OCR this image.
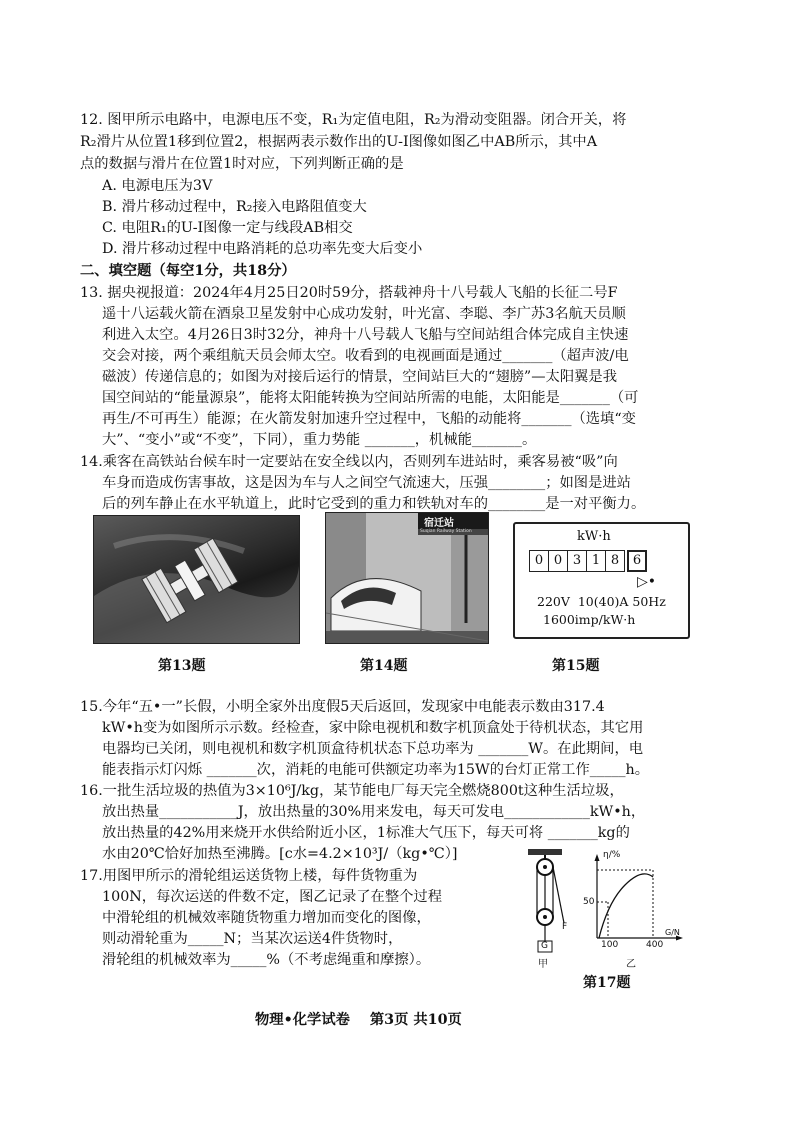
12. 图甲所示电路中，电源电压不变，R₁为定值电阻，R₂为滑动变阻器。闭合开关，将
R₂滑片从位置1移到位置2，根据两表示数作出的U-I图像如图乙中AB所示，其中A
点的数据与滑片在位置1时对应，下列判断正确的是
A. 电源电压为3V
B. 滑片移动过程中，R₂接入电路阻值变大
C. 电阻R₁的U-I图像一定与线段AB相交
D. 滑片移动过程中电路消耗的总功率先变大后变小
二、填空题（每空1分，共18分）
13. 据央视报道：2024年4月25日20时59分，搭载神舟十八号载人飞船的长征二号F
遥十八运载火箭在酒泉卫星发射中心成功发射，叶光富、李聪、李广苏3名航天员顺
利进入太空。4月26日3时32分，神舟十八号载人飞船与空间站组合体完成自主快速
交会对接，两个乘组航天员会师太空。收看到的电视画面是通过_______（超声波/电
磁波）传递信息的；如图为对接后运行的情景，空间站巨大的“翅膀”—太阳翼是我
国空间站的“能量源泉”，能将太阳能转换为空间站所需的电能，太阳能是_______（可
再生/不可再生）能源；在火箭发射加速升空过程中，飞船的动能将_______（选填“变
大”、“变小”或“不变”，下同），重力势能 _______，机械能_______。
14.乘客在高铁站台候车时一定要站在安全线以内，否则列车进站时，乘客易被“吸”向
车身而造成伤害事故，这是因为车与人之间空气流速大，压强________；如图是进站
后的列车静止在水平轨道上，此时它受到的重力和铁轨对车的________是一对平衡力。
宿迁站
Suqian Railway Station	kW·h
0 0 3 1 8	6
▷•
220V  10(40)A 50Hz
1600imp/kW·h
第13题	第14题	第15题
15.今年“五•一”长假，小明全家外出度假5天后返回，发现家中电能表示数由317.4
kW•h变为如图所示示数。经检查，家中除电视机和数字机顶盒处于待机状态，其它用
电器均已关闭，则电视机和数字机顶盒待机状态下总功率为 _______W。在此期间，电
能表指示灯闪烁 _______次，消耗的电能可供额定功率为15W的台灯正常工作_____h。
16.一批生活垃圾的热值为3×10⁶J/kg，某节能电厂每天完全燃烧800t这种生活垃圾，
放出热量___________J，放出热量的30%用来发电，每天可发电____________kW•h，
放出热量的42%用来烧开水供给附近小区，1标准大气压下，每天可将 _______kg的
水由20℃恰好加热至沸腾。[c水=4.2×10³J/（kg•℃）]
17.用图甲所示的滑轮组运送货物上楼，每件货物重为
100N，每次运送的件数不定，图乙记录了在整个过程
中滑轮组的机械效率随货物重力增加而变化的图像，
则动滑轮重为_____N；当某次运送4件货物时，
滑轮组的机械效率为_____%（不考虑绳重和摩擦）。
F
G
甲
η/%
50
G/N
100	400
乙
第17题
物理•化学试卷    第3页 共10页
